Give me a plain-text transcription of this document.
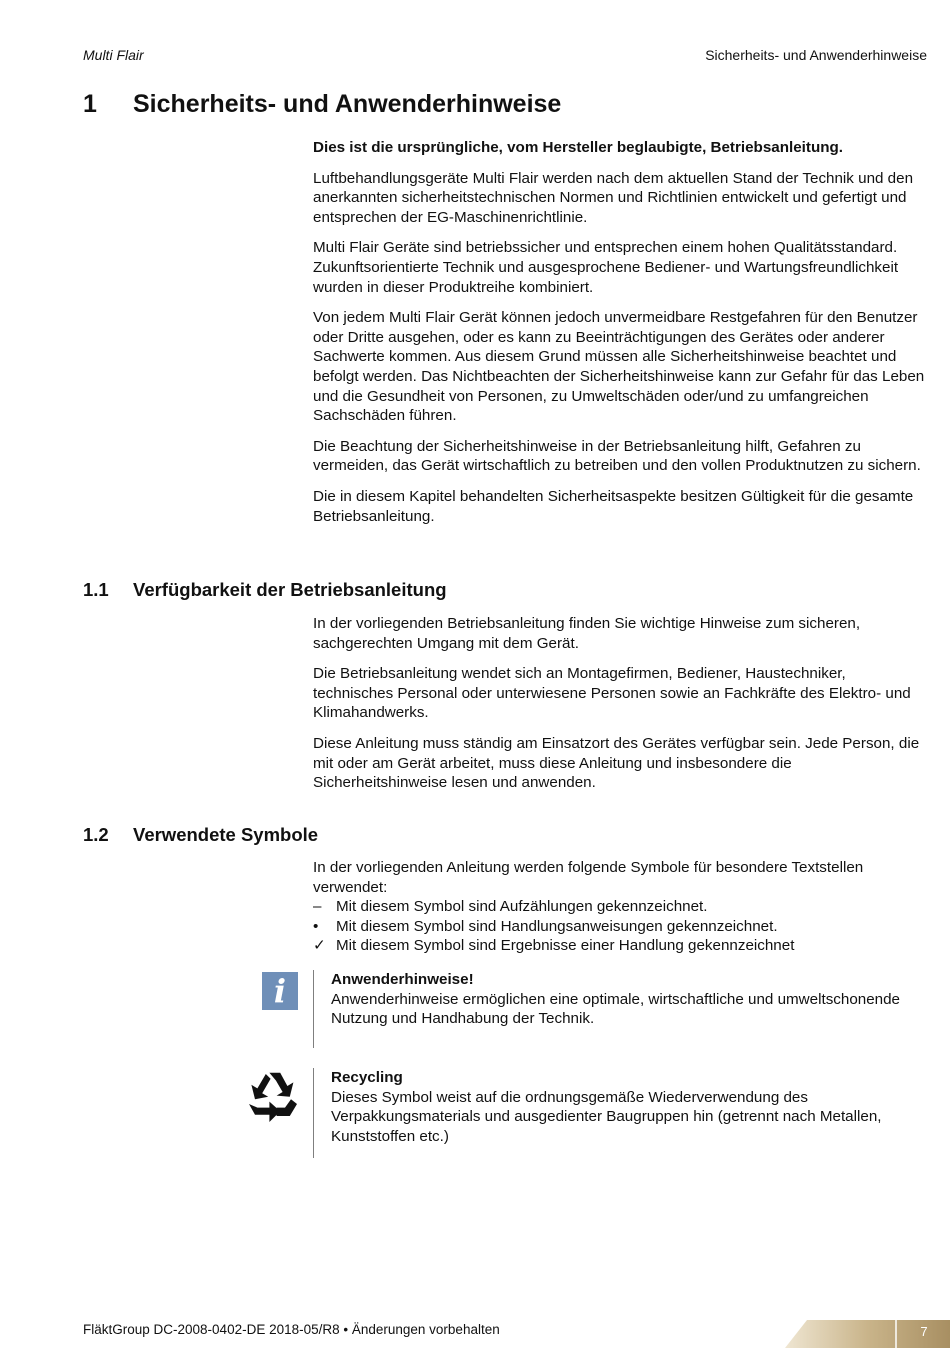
Multi Flair	Sicherheits- und Anwenderhinweise
1 Sicherheits- und Anwenderhinweise

Dies ist die ursprüngliche, vom Hersteller beglaubigte, Betriebsanleitung.

Luftbehandlungsgeräte Multi Flair werden nach dem aktuellen Stand der Technik und den anerkannten sicherheitstechnischen Normen und Richtlinien entwickelt und gefertigt und entsprechen der EG-Maschinenrichtlinie.

Multi Flair Geräte sind betriebssicher und entsprechen einem hohen Qualitätsstandard. Zukunftsorientierte Technik und ausgesprochene Bediener- und Wartungsfreundlichkeit wurden in dieser Produktreihe kombiniert.

Von jedem Multi Flair Gerät können jedoch unvermeidbare Restgefahren für den Benutzer oder Dritte ausgehen, oder es kann zu Beeinträchtigungen des Gerätes oder anderer Sachwerte kommen. Aus diesem Grund müssen alle Sicherheitshinweise beachtet und befolgt werden. Das Nichtbeachten der Sicherheitshinweise kann zur Gefahr für das Leben und die Gesundheit von Personen, zu Umweltschäden oder/und zu umfangreichen Sachschäden führen.

Die Beachtung der Sicherheitshinweise in der Betriebsanleitung hilft, Gefahren zu vermeiden, das Gerät wirtschaftlich zu betreiben und den vollen Produktnutzen zu sichern.

Die in diesem Kapitel behandelten Sicherheitsaspekte besitzen Gültigkeit für die gesamte Betriebsanleitung.

1.1 Verfügbarkeit der Betriebsanleitung

In der vorliegenden Betriebsanleitung finden Sie wichtige Hinweise zum sicheren, sachgerechten Umgang mit dem Gerät.

Die Betriebsanleitung wendet sich an Montagefirmen, Bediener, Haustechniker, technisches Personal oder unterwiesene Personen sowie an Fachkräfte des Elektro- und Klimahandwerks.

Diese Anleitung muss ständig am Einsatzort des Gerätes verfügbar sein. Jede Person, die mit oder am Gerät arbeitet, muss diese Anleitung und insbesondere die Sicherheitshinweise lesen und anwenden.

1.2 Verwendete Symbole

In der vorliegenden Anleitung werden folgende Symbole für besondere Textstellen verwendet:

– Mit diesem Symbol sind Aufzählungen gekennzeichnet.
•	Mit diesem Symbol sind Handlungsanweisungen gekennzeichnet.
✓ Mit diesem Symbol sind Ergebnisse einer Handlung gekennzeichnet
i	Anwenderhinweise!
Anwenderhinweise ermöglichen eine optimale, wirtschaftliche und umweltschonende Nutzung und Handhabung der Technik.
Recycling
Dieses Symbol weist auf die ordnungsgemäße Wiederverwendung des Verpakkungsmaterials und ausgedienter Baugruppen hin (getrennt nach Metallen, Kunststoffen etc.)
FläktGroup DC-2008-0402-DE 2018-05/R8 • Änderungen vorbehalten	7
